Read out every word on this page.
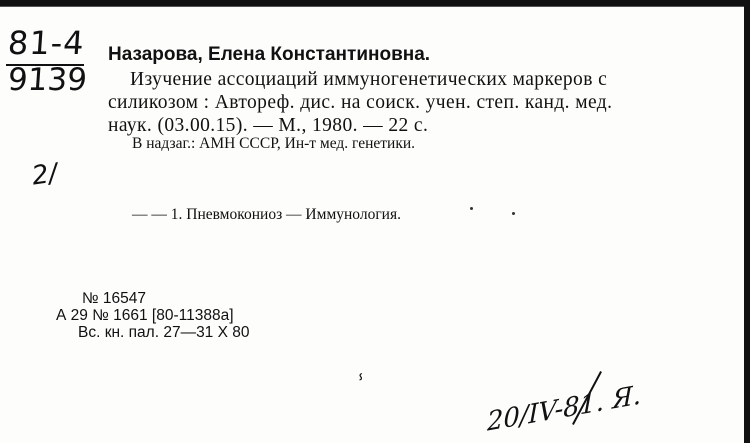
81-4
9139
Назарова, Елена Константиновна.
Изучение ассоциаций иммуногенетических маркеров с
силикозом : Автореф. дис. на соиск. учен. степ. канд. мед.
наук. (03.00.15). — М., 1980. — 22 с.
В надзаг.: АМН СССР, Ин-т мед. генетики.
2/
— — 1. Пневмокониоз — Иммунология.
№ 16547
А 29 № 1661 [80-11388а]
Вс. кн. пал. 27—31 X 80
ⸯ	20/IV-81. Я.
